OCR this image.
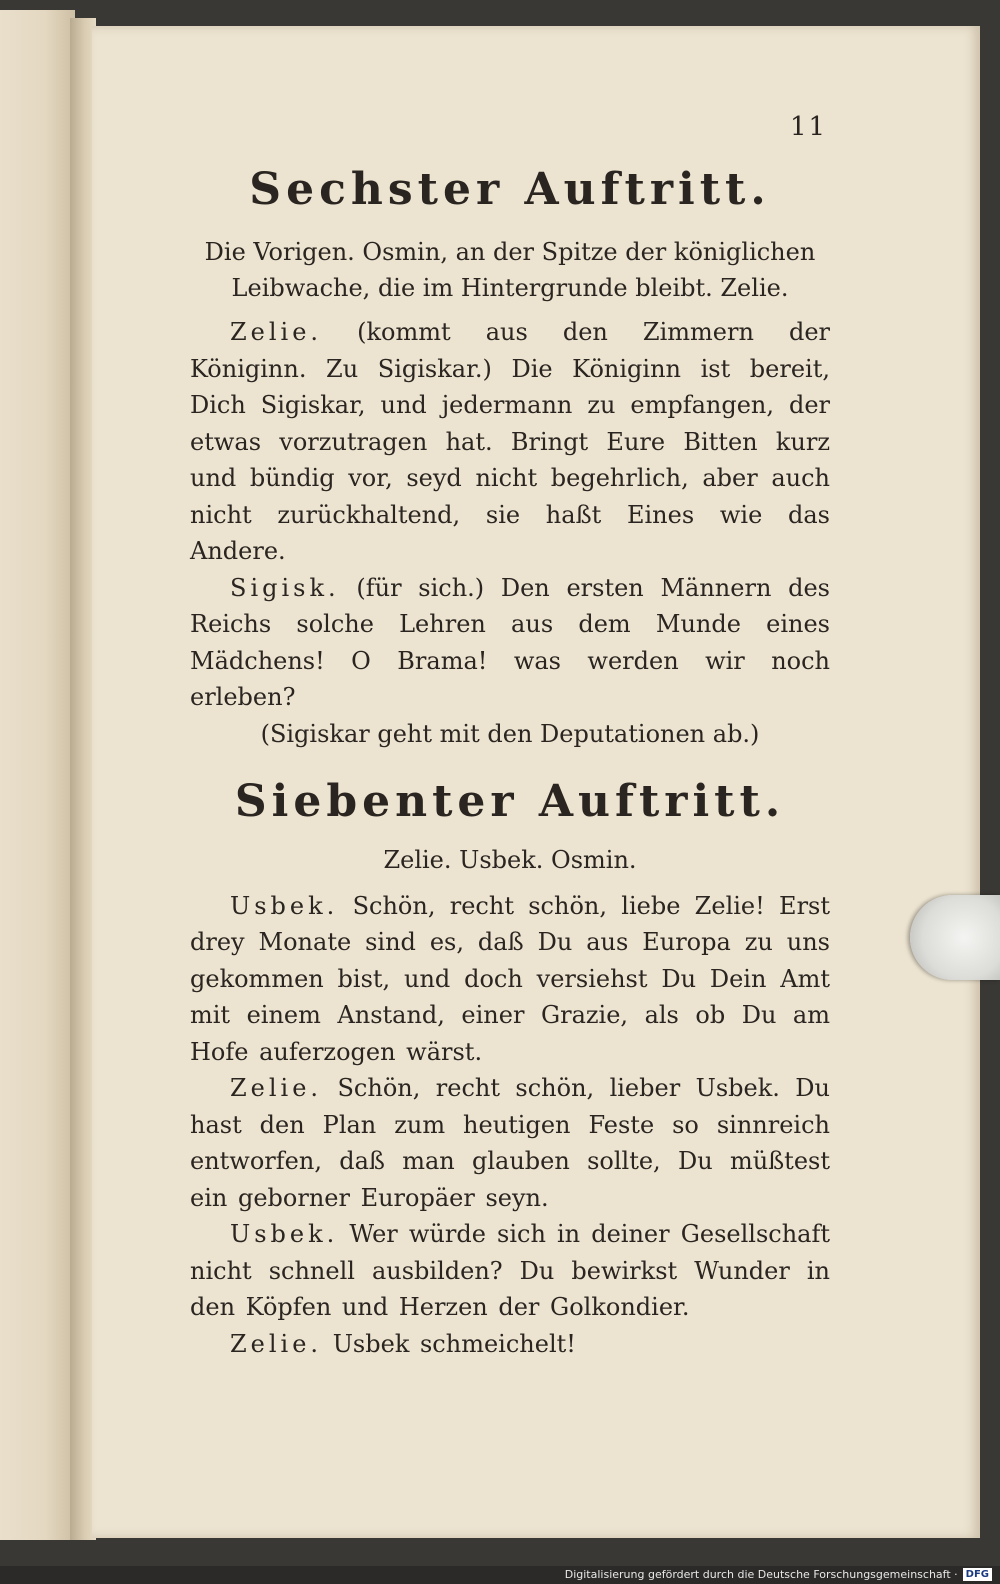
11
Sechster Auftritt.

Die Vorigen. Osmin, an der Spitze der königlichen Leibwache, die im Hintergrunde bleibt. Zelie.

Zelie. (kommt aus den Zimmern der Königinn. Zu Sigiskar.) Die Königinn ist bereit, Dich Sigiskar, und jedermann zu empfangen, der etwas vorzutragen hat. Bringt Eure Bitten kurz und bündig vor, seyd nicht begehrlich, aber auch nicht zurückhaltend, sie haßt Eines wie das Andere.

Sigisk. (für sich.) Den ersten Männern des Reichs solche Lehren aus dem Munde eines Mädchens! O Brama! was werden wir noch erleben?

(Sigiskar geht mit den Deputationen ab.)

Siebenter Auftritt.

Zelie. Usbek. Osmin.

Usbek. Schön, recht schön, liebe Zelie! Erst drey Monate sind es, daß Du aus Europa zu uns gekommen bist, und doch versiehst Du Dein Amt mit einem Anstand, einer Grazie, als ob Du am Hofe auferzogen wärst.

Zelie. Schön, recht schön, lieber Usbek. Du hast den Plan zum heutigen Feste so sinnreich entworfen, daß man glauben sollte, Du müßtest ein geborner Europäer seyn.

Usbek. Wer würde sich in deiner Gesellschaft nicht schnell ausbilden? Du bewirkst Wunder in den Köpfen und Herzen der Golkondier.

Zelie. Usbek schmeichelt!

Digitalisierung gefördert durch die Deutsche Forschungsgemeinschaft · DFG
